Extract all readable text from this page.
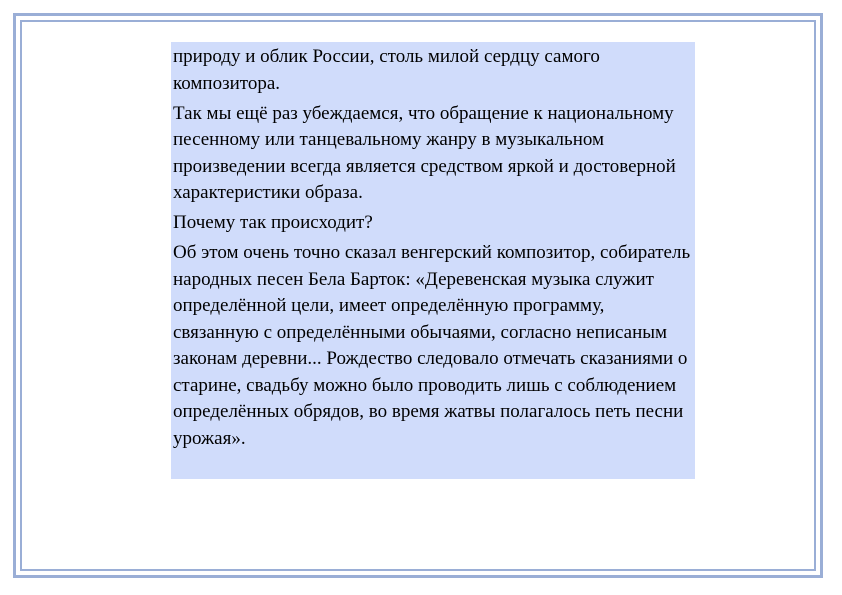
природу и облик России, столь милой сердцу самого композитора.

Так мы ещё раз убеждаемся, что обращение к национальному песенному или танцевальному жанру в музыкальном произведении всегда является средством яркой и достоверной характеристики образа.

Почему так происходит?

Об этом очень точно сказал венгерский композитор, собиратель народных песен Бела Барток: «Деревенская музыка служит определённой цели, имеет определённую программу, связанную с определёнными обычаями, согласно неписаным законам деревни... Рождество следовало отмечать сказаниями о старине, свадьбу можно было проводить лишь с соблюдением определённых обрядов, во время жатвы полагалось петь песни урожая».
